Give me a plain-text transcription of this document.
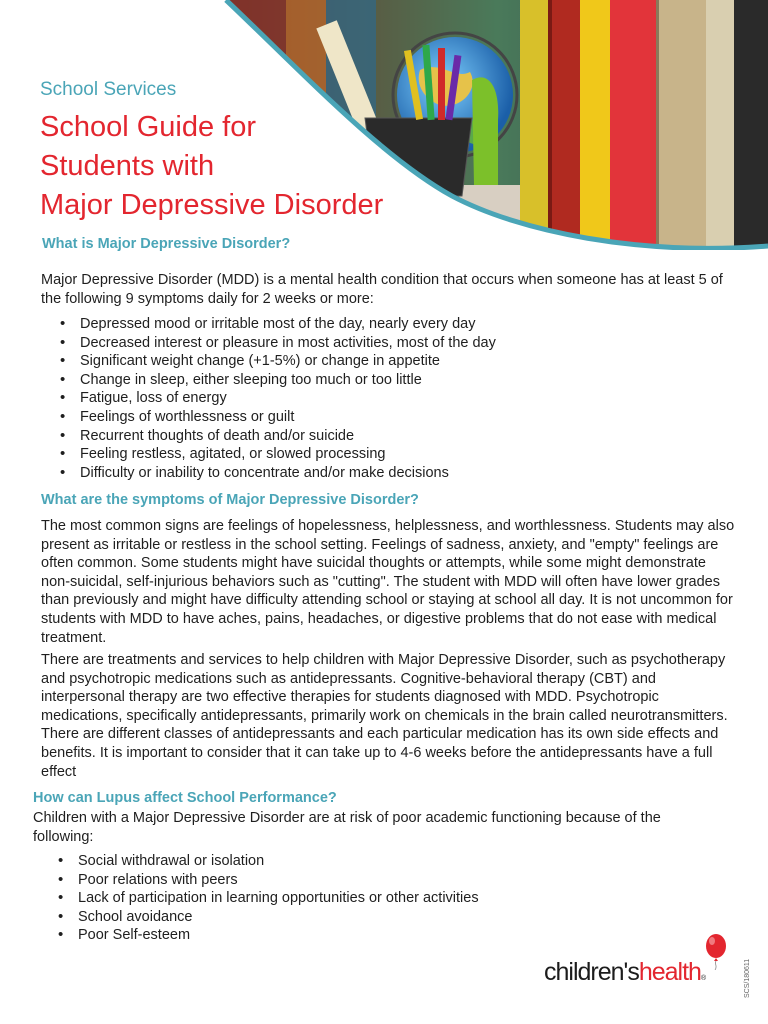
School Services
School Guide for
Students with
Major Depressive Disorder
What is Major Depressive Disorder?

Major Depressive Disorder (MDD) is a mental health condition that occurs when someone has at least 5 of the following 9 symptoms daily for 2 weeks or more:

• Depressed mood or irritable most of the day, nearly every day
• Decreased interest or pleasure in most activities, most of the day
• Significant weight change (+1-5%) or change in appetite
• Change in sleep, either sleeping too much or too little
• Fatigue, loss of energy
• Feelings of worthlessness or guilt
• Recurrent thoughts of death and/or suicide
• Feeling restless, agitated, or slowed processing
• Difficulty or inability to concentrate and/or make decisions
What are the symptoms of Major Depressive Disorder?

The most common signs are feelings of hopelessness, helplessness, and worthlessness. Students may also present as irritable or restless in the school setting. Feelings of sadness, anxiety, and "empty" feelings are often common. Some students might have suicidal thoughts or attempts, while some might demonstrate non-suicidal, self-injurious behaviors such as "cutting". The student with MDD will often have lower grades than previously and might have difficulty attending school or staying at school all day. It is not uncommon for students with MDD to have aches, pains, headaches, or digestive problems that do not ease with medical treatment.

There are treatments and services to help children with Major Depressive Disorder, such as psychotherapy and psychotropic medications such as antidepressants. Cognitive-behavioral therapy (CBT) and interpersonal therapy are two effective therapies for students diagnosed with MDD. Psychotropic medications, specifically antidepressants, primarily work on chemicals in the brain called neurotransmitters. There are different classes of antidepressants and each particular medication has its own side effects and benefits. It is important to consider that it can take up to 4-6 weeks before the antidepressants have a full effect

How can Lupus affect School Performance?

Children with a Major Depressive Disorder are at risk of poor academic functioning because of the following:

• Social withdrawal or isolation
• Poor relations with peers
• Lack of participation in learning opportunities or other activities
• School avoidance
• Poor Self-esteem
children'shealth®	SCS/180611
